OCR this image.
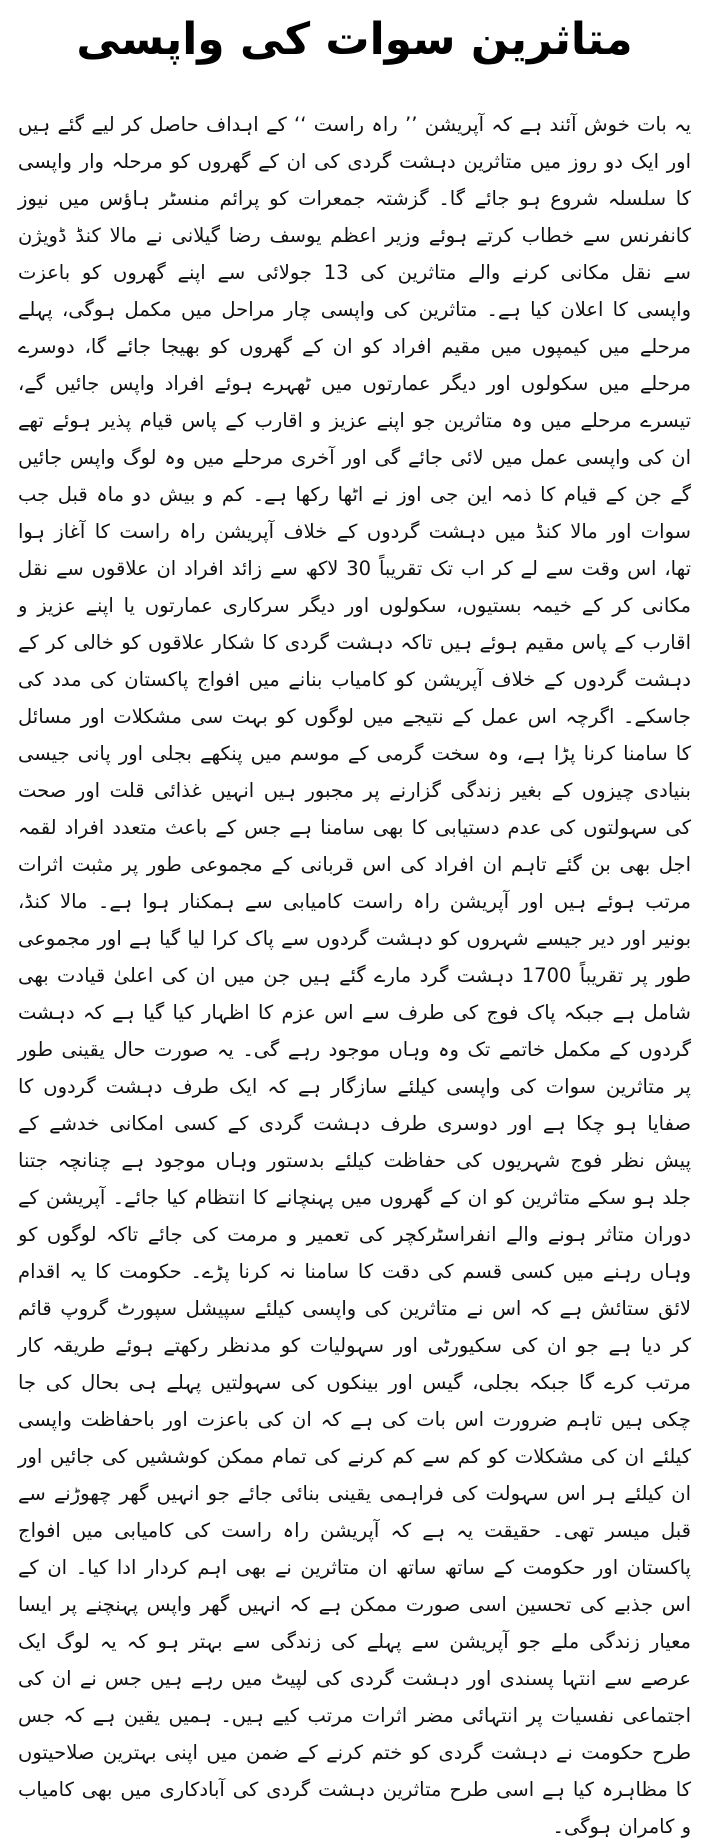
متاثرین سوات کی واپسی

یہ بات خوش آئند ہے کہ آپریشن ’’ راہ راست ‘‘ کے اہداف حاصل کر لیے گئے ہیں اور ایک دو روز میں متاثرین دہشت گردی کی ان کے گھروں کو مرحلہ وار واپسی کا سلسلہ شروع ہو جائے گا۔ گزشتہ جمعرات کو پرائم منسٹر ہاؤس میں نیوز کانفرنس سے خطاب کرتے ہوئے وزیر اعظم یوسف رضا گیلانی نے مالا کنڈ ڈویژن سے نقل مکانی کرنے والے متاثرین کی 13 جولائی سے اپنے گھروں کو باعزت واپسی کا اعلان کیا ہے۔ متاثرین کی واپسی چار مراحل میں مکمل ہوگی، پہلے مرحلے میں کیمپوں میں مقیم افراد کو ان کے گھروں کو بھیجا جائے گا، دوسرے مرحلے میں سکولوں اور دیگر عمارتوں میں ٹھہرے ہوئے افراد واپس جائیں گے، تیسرے مرحلے میں وہ متاثرین جو اپنے عزیز و اقارب کے پاس قیام پذیر ہوئے تھے ان کی واپسی عمل میں لائی جائے گی اور آخری مرحلے میں وہ لوگ واپس جائیں گے جن کے قیام کا ذمہ این جی اوز نے اٹھا رکھا ہے۔ کم و بیش دو ماہ قبل جب سوات اور مالا کنڈ میں دہشت گردوں کے خلاف آپریشن راہ راست کا آغاز ہوا تھا، اس وقت سے لے کر اب تک تقریباً 30 لاکھ سے زائد افراد ان علاقوں سے نقل مکانی کر کے خیمہ بستیوں، سکولوں اور دیگر سرکاری عمارتوں یا اپنے عزیز و اقارب کے پاس مقیم ہوئے ہیں تاکہ دہشت گردی کا شکار علاقوں کو خالی کر کے دہشت گردوں کے خلاف آپریشن کو کامیاب بنانے میں افواج پاکستان کی مدد کی جاسکے۔ اگرچہ اس عمل کے نتیجے میں لوگوں کو بہت سی مشکلات اور مسائل کا سامنا کرنا پڑا ہے، وہ سخت گرمی کے موسم میں پنکھے بجلی اور پانی جیسی بنیادی چیزوں کے بغیر زندگی گزارنے پر مجبور ہیں انہیں غذائی قلت اور صحت کی سہولتوں کی عدم دستیابی کا بھی سامنا ہے جس کے باعث متعدد افراد لقمہ اجل بھی بن گئے تاہم ان افراد کی اس قربانی کے مجموعی طور پر مثبت اثرات مرتب ہوئے ہیں اور آپریشن راہ راست کامیابی سے ہمکنار ہوا ہے۔ مالا کنڈ، بونیر اور دیر جیسے شہروں کو دہشت گردوں سے پاک کرا لیا گیا ہے اور مجموعی طور پر تقریباً 1700 دہشت گرد مارے گئے ہیں جن میں ان کی اعلیٰ قیادت بھی شامل ہے جبکہ پاک فوج کی طرف سے اس عزم کا اظہار کیا گیا ہے کہ دہشت گردوں کے مکمل خاتمے تک وہ وہاں موجود رہے گی۔ یہ صورت حال یقینی طور پر متاثرین سوات کی واپسی کیلئے سازگار ہے کہ ایک طرف دہشت گردوں کا صفایا ہو چکا ہے اور دوسری طرف دہشت گردی کے کسی امکانی خدشے کے پیش نظر فوج شہریوں کی حفاظت کیلئے بدستور وہاں موجود ہے چنانچہ جتنا جلد ہو سکے متاثرین کو ان کے گھروں میں پہنچانے کا انتظام کیا جائے۔ آپریشن کے دوران متاثر ہونے والے انفراسٹرکچر کی تعمیر و مرمت کی جائے تاکہ لوگوں کو وہاں رہنے میں کسی قسم کی دقت کا سامنا نہ کرنا پڑے۔ حکومت کا یہ اقدام لائق ستائش ہے کہ اس نے متاثرین کی واپسی کیلئے سپیشل سپورٹ گروپ قائم کر دیا ہے جو ان کی سکیورٹی اور سہولیات کو مدنظر رکھتے ہوئے طریقہ کار مرتب کرے گا جبکہ بجلی، گیس اور بینکوں کی سہولتیں پہلے ہی بحال کی جا چکی ہیں تاہم ضرورت اس بات کی ہے کہ ان کی باعزت اور باحفاظت واپسی کیلئے ان کی مشکلات کو کم سے کم کرنے کی تمام ممکن کوششیں کی جائیں اور ان کیلئے ہر اس سہولت کی فراہمی یقینی بنائی جائے جو انہیں گھر چھوڑنے سے قبل میسر تھی۔ حقیقت یہ ہے کہ آپریشن راہ راست کی کامیابی میں افواج پاکستان اور حکومت کے ساتھ ساتھ ان متاثرین نے بھی اہم کردار ادا کیا۔ ان کے اس جذبے کی تحسین اسی صورت ممکن ہے کہ انہیں گھر واپس پہنچنے پر ایسا معیار زندگی ملے جو آپریشن سے پہلے کی زندگی سے بہتر ہو کہ یہ لوگ ایک عرصے سے انتہا پسندی اور دہشت گردی کی لپیٹ میں رہے ہیں جس نے ان کی اجتماعی نفسیات پر انتہائی مضر اثرات مرتب کیے ہیں۔ ہمیں یقین ہے کہ جس طرح حکومت نے دہشت گردی کو ختم کرنے کے ضمن میں اپنی بہترین صلاحیتوں کا مظاہرہ کیا ہے اسی طرح متاثرین دہشت گردی کی آبادکاری میں بھی کامیاب و کامران ہوگی۔
